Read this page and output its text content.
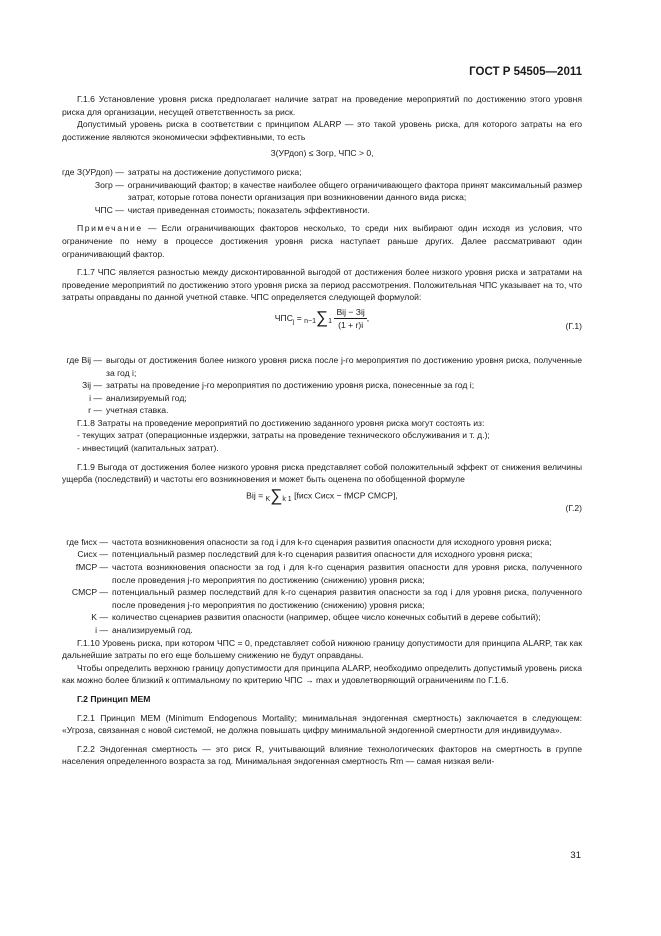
ГОСТ Р 54505—2011

Г.1.6 Установление уровня риска предполагает наличие затрат на проведение мероприятий по достижению этого уровня риска для организации, несущей ответственность за риск.

Допустимый уровень риска в соответствии с принципом ALARP — это такой уровень риска, для которого затраты на его достижение являются экономически эффективными, то есть

З(УРдоп) ≤ Зогр, ЧПС > 0,

где З(УРдоп) —	затраты на достижение допустимого риска;
Зогр —	ограничивающий фактор; в качестве наиболее общего ограничивающего фактора принят максимальный размер затрат, которые готова понести организация при возникновении данного вида риска;
ЧПС —	чистая приведенная стоимость; показатель эффективности.

Примечание — Если ограничивающих факторов несколько, то среди них выбирают один исходя из условия, что ограничение по нему в процессе достижения уровня риска наступает раньше других. Далее рассматривают один ограничивающий фактор.

Г.1.7 ЧПС является разностью между дисконтированной выгодой от достижения более низкого уровня риска и затратами на проведение мероприятий по достижению этого уровня риска за период рассмотрения. Положительная ЧПС указывает на то, что затраты оправданы по данной учетной ставке. ЧПС определяется следующей формулой:

$ЧПС_j = n-1\sum 1 \frac{\text{Bij − Зij}}{(1 + r)i}$ ,
(Г.1)
где Bij —	выгоды от достижения более низкого уровня риска после j-го мероприятия по достижению уровня риска, полученные за год i;
Зij —	затраты на проведение j-го мероприятия по достижению уровня риска, понесенные за год i;
i —	анализируемый год;
r —	учетная ставка.

Г.1.8 Затраты на проведение мероприятий по достижению заданного уровня риска могут состоять из:

- текущих затрат (операционные издержки, затраты на проведение технического обслуживания и т. д.);

- инвестиций (капитальных затрат).

Г.1.9 Выгода от достижения более низкого уровня риска представляет собой положительный эффект от снижения величины ущерба (последствий) и частоты его возникновения и может быть оценена по обобщенной формуле

Bij = K∑k 1 [fисх Cисх − fMCP CMCP],
(Г.2)
где fисх —	частота возникновения опасности за год i для k-го сценария развития опасности для исходного уровня риска;
Cисх —	потенциальный размер последствий для k-го сценария развития опасности для исходного уровня риска;
fMCP —	частота возникновения опасности за год i для k-го сценария развития опасности для уровня риска, полученного после проведения j-го мероприятия по достижению (снижению) уровня риска;
CMCP —	потенциальный размер последствий для k-го сценария развития опасности за год i для уровня риска, полученного после проведения j-го мероприятия по достижению (снижению) уровня риска;
K —	количество сценариев развития опасности (например, общее число конечных событий в дереве событий);
i —	анализируемый год.

Г.1.10 Уровень риска, при котором ЧПС = 0, представляет собой нижнюю границу допустимости для принципа ALARP, так как дальнейшие затраты по его еще большему снижению не будут оправданы.

Чтобы определить верхнюю границу допустимости для принципа ALARP, необходимо определить допустимый уровень риска как можно более близкий к оптимальному по критерию ЧПС → max и удовлетворяющий ограничениям по Г.1.6.

Г.2 Принцип МЕМ

Г.2.1 Принцип МЕМ (Minimum Endogenous Mortality; минимальная эндогенная смертность) заключается в следующем: «Угроза, связанная с новой системой, не должна повышать цифру минимальной эндогенной смертности для индивидуума».

Г.2.2 Эндогенная смертность — это риск R, учитывающий влияние технологических факторов на смертность в группе населения определенного возраста за год. Минимальная эндогенная смертность Rm — самая низкая вели-

31
